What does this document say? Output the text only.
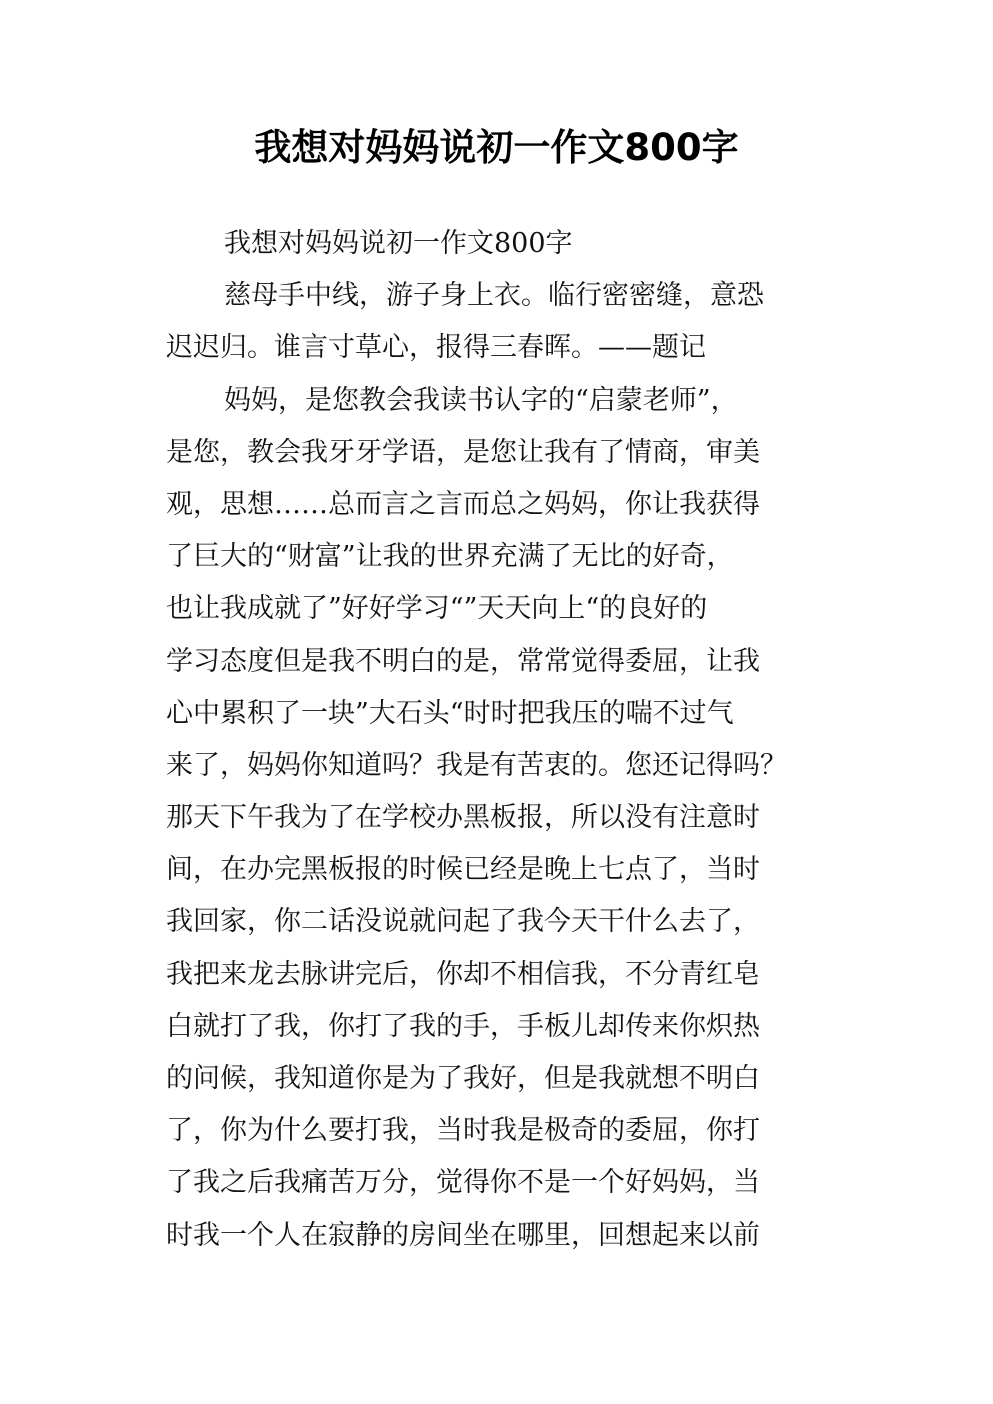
我想对妈妈说初一作文800字
我想对妈妈说初一作文800字
慈母手中线，游子身上衣。临行密密缝，意恐
迟迟归。谁言寸草心，报得三春晖。——题记
妈妈，是您教会我读书认字的“启蒙老师”，
是您，教会我牙牙学语，是您让我有了情商，审美
观，思想……总而言之言而总之妈妈，你让我获得
了巨大的“财富”让我的世界充满了无比的好奇，
也让我成就了”好好学习“”天天向上“的良好的
学习态度但是我不明白的是，常常觉得委屈，让我
心中累积了一块”大石头“时时把我压的喘不过气
来了，妈妈你知道吗？我是有苦衷的。您还记得吗？
那天下午我为了在学校办黑板报，所以没有注意时
间，在办完黑板报的时候已经是晚上七点了，当时
我回家，你二话没说就问起了我今天干什么去了，
我把来龙去脉讲完后，你却不相信我，不分青红皂
白就打了我，你打了我的手，手板儿却传来你炽热
的问候，我知道你是为了我好，但是我就想不明白
了，你为什么要打我，当时我是极奇的委屈，你打
了我之后我痛苦万分，觉得你不是一个好妈妈，当
时我一个人在寂静的房间坐在哪里，回想起来以前
